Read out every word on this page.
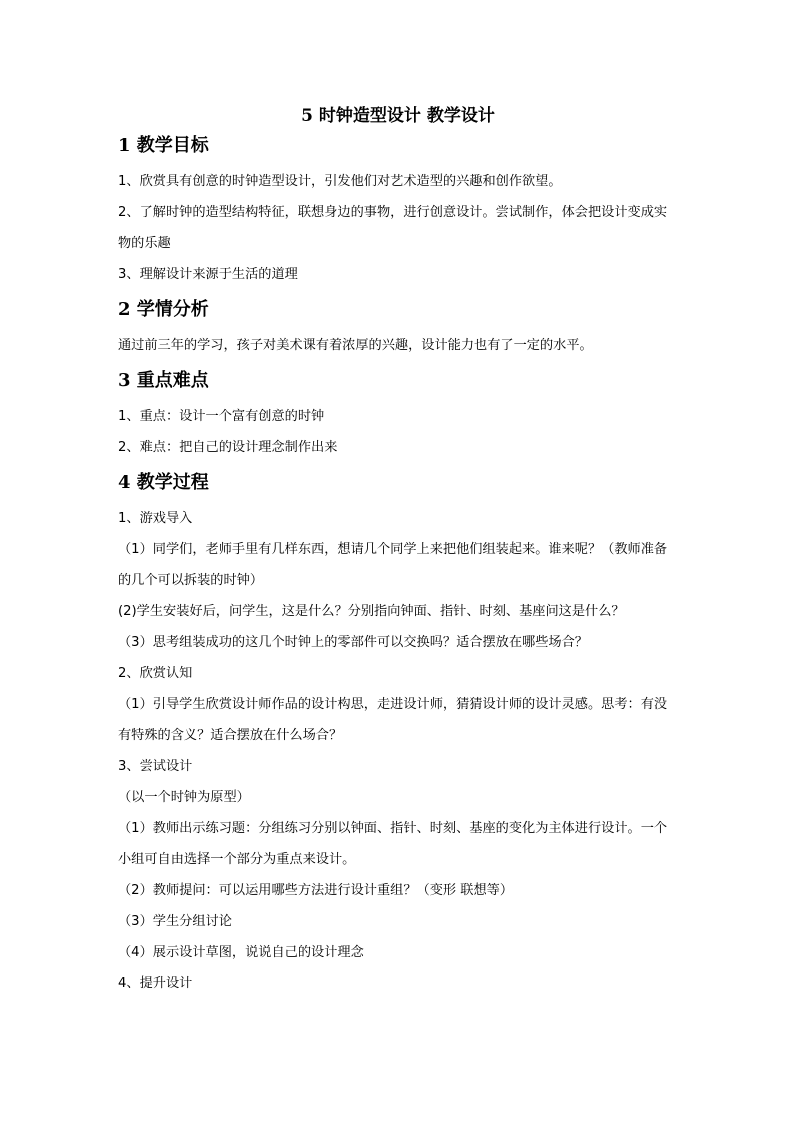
5 时钟造型设计 教学设计
1 教学目标

1、欣赏具有创意的时钟造型设计，引发他们对艺术造型的兴趣和创作欲望。

2、了解时钟的造型结构特征，联想身边的事物，进行创意设计。尝试制作，体会把设计变成实物的乐趣

3、理解设计来源于生活的道理

2 学情分析

通过前三年的学习，孩子对美术课有着浓厚的兴趣，设计能力也有了一定的水平。

3 重点难点

1、重点：设计一个富有创意的时钟

2、难点：把自己的设计理念制作出来

4 教学过程

1、游戏导入

（1）同学们，老师手里有几样东西，想请几个同学上来把他们组装起来。谁来呢？（教师准备的几个可以拆装的时钟）

(2)学生安装好后，问学生，这是什么？分别指向钟面、指针、时刻、基座问这是什么？

（3）思考组装成功的这几个时钟上的零部件可以交换吗？适合摆放在哪些场合？

2、欣赏认知

（1）引导学生欣赏设计师作品的设计构思，走进设计师，猜猜设计师的设计灵感。思考：有没有特殊的含义？适合摆放在什么场合？

3、尝试设计

（以一个时钟为原型）

（1）教师出示练习题：分组练习分别以钟面、指针、时刻、基座的变化为主体进行设计。一个小组可自由选择一个部分为重点来设计。

（2）教师提问：可以运用哪些方法进行设计重组？（变形 联想等）

（3）学生分组讨论

（4）展示设计草图，说说自己的设计理念

4、提升设计
